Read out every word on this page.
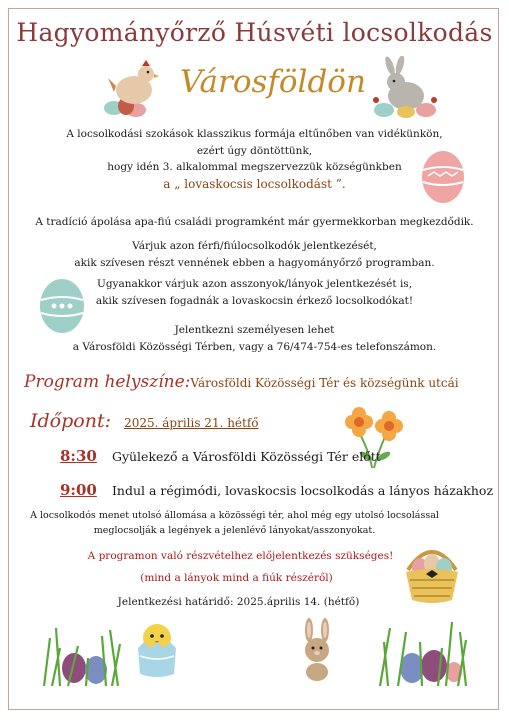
Hagyományőrző Húsvéti locsolkodás
Városföldön
A locsolkodási szokások klasszikus formája eltűnőben van vidékünkön,
ezért úgy döntöttünk,
hogy idén 3. alkalommal megszervezzük községünkben
a „ lovaskocsis locsolkodást ”.
A tradíció ápolása apa-fiú családi programként már gyermekkorban megkezdődik.
Várjuk azon férfi/fiúlocsolkodók jelentkezését,
akik szívesen részt vennének ebben a hagyományőrző programban.
Ugyanakkor várjuk azon asszonyok/lányok jelentkezését is,
akik szívesen fogadnák a lovaskocsin érkező locsolkodókat!
Jelentkezni személyesen lehet
a Városföldi Közösségi Térben, vagy a 76/474-754-es telefonszámon.
Program helyszíne:Városföldi Közösségi Tér és községünk utcái
Időpont: 2025. április 21. hétfő
8:30 Gyülekező a Városföldi Közösségi Tér előtt
9:00 Indul a régimódi, lovaskocsis locsolkodás a lányos házakhoz
A locsolkodós menet utolsó állomása a közösségi tér, ahol még egy utolsó locsolással
meglocsolják a legények a jelenlévő lányokat/asszonyokat.
A programon való részvételhez előjelentkezés szükséges!
(mind a lányok mind a fiúk részéről)
Jelentkezési határidő: 2025.április 14. (hétfő)
